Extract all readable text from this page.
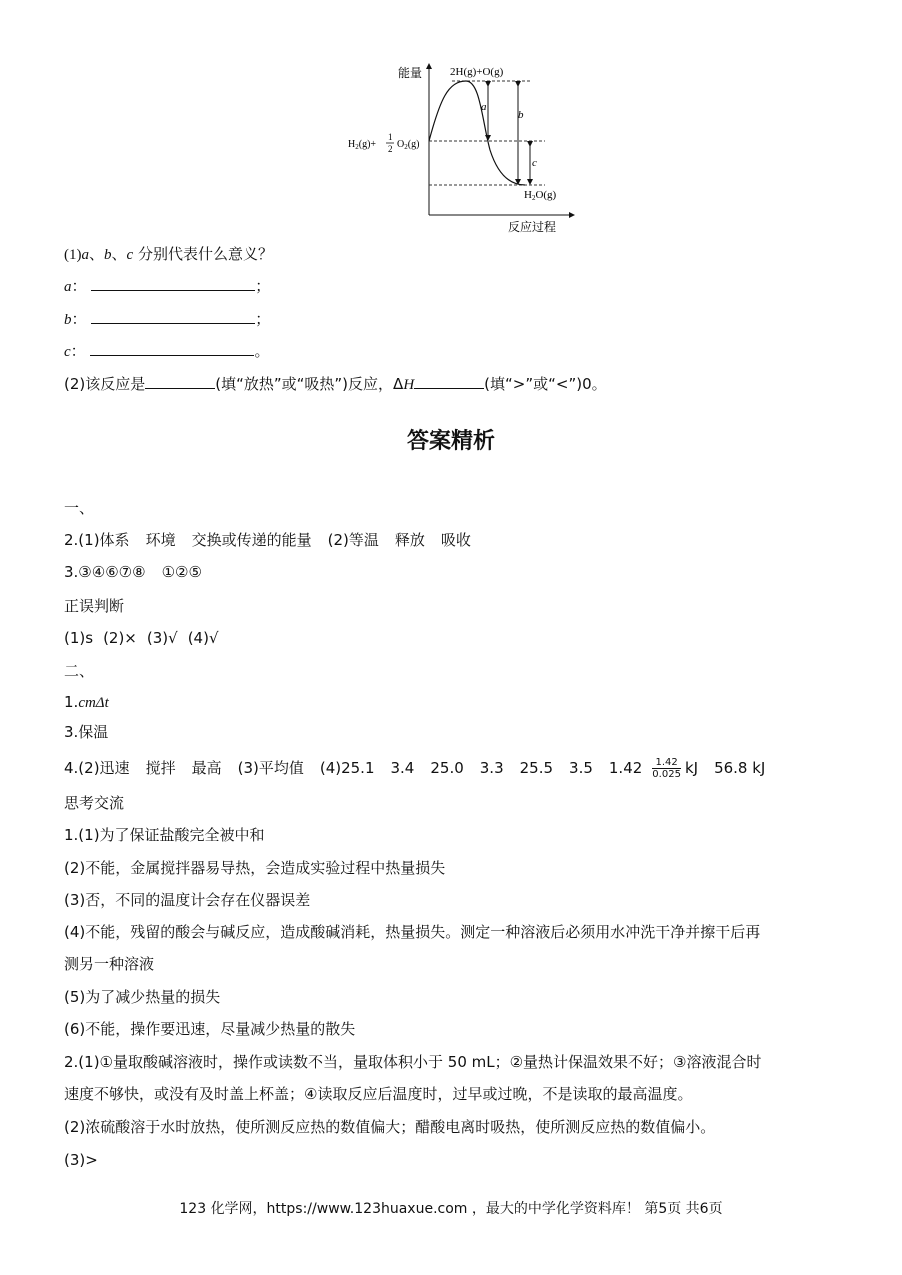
能量	2H(g)+O(g)
a
b
c
$H_2(g)+$
1
2 $O_2(g)$
H2O(g)
反应过程
(1)a、b、c 分别代表什么意义？
a：	；
b：	；
c：	。
(2)该反应是	(填“放热”或“吸热”)反应，ΔH	(填“>”或“<”)0。
答案精析
一、
2.(1)体系 环境 交换或传递的能量 (2)等温 释放 吸收
3.③④⑥⑦⑧ ①②⑤
正误判断
(1)s (2)× (3)√ (4)√
二、
1.cmΔt
3.保温
4.(2)迅速 搅拌 最高 (3)平均值 (4)25.1 3.4 25.0 3.3 25.5 3.5 $1.42 \frac{1.42}{0.025}$ kJ 56.8 kJ
思考交流
1.(1)为了保证盐酸完全被中和
(2)不能，金属搅拌器易导热，会造成实验过程中热量损失
(3)否，不同的温度计会存在仪器误差
(4)不能，残留的酸会与碱反应，造成酸碱消耗，热量损失。测定一种溶液后必须用水冲洗干净并擦干后再
测另一种溶液
(5)为了减少热量的损失
(6)不能，操作要迅速，尽量减少热量的散失
2.(1)①量取酸碱溶液时，操作或读数不当，量取体积小于 50 mL；②量热计保温效果不好；③溶液混合时
速度不够快，或没有及时盖上杯盖；④读取反应后温度时，过早或过晚，不是读取的最高温度。
(2)浓硫酸溶于水时放热，使所测反应热的数值偏大；醋酸电离时吸热，使所测反应热的数值偏小。
(3)>
123 化学网，https://www.123huaxue.com ，最大的中学化学资料库！ 第5页 共6页
